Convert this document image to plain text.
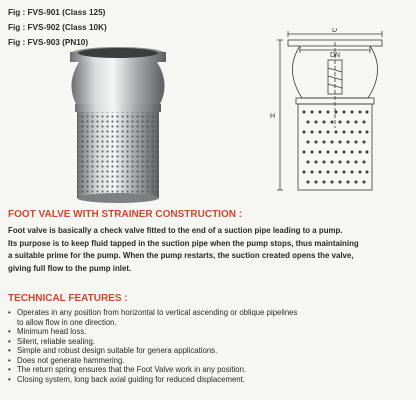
Fig : FVS-901 (Class 125)
Fig : FVS-902 (Class 10K)
Fig : FVS-903 (PN10)
D
DN
H
FOOT VALVE WITH STRAINER CONSTRUCTION :

Foot valve is basically a check valve fitted to the end of a suction pipe leading to a pump.

Its purpose is to keep fluid tapped in the suction pipe when the pump stops, thus maintaining

a suitable prime for the pump. When the pump restarts, the suction created opens the valve,

giving full flow to the pump inlet.

TECHNICAL FEATURES :
• Operates in any position from horizontal to vertical ascending or oblique pipelines
to allow flow in one direction.
• Minimum head loss.
• Silent, reliable sealing.
• Simple and robust design suitable for genera applications.
• Does not generate hammering.
• The return spring ensures that the Foot Valve work in any position.
• Closing system, long back axial guiding for reduced displacement.
